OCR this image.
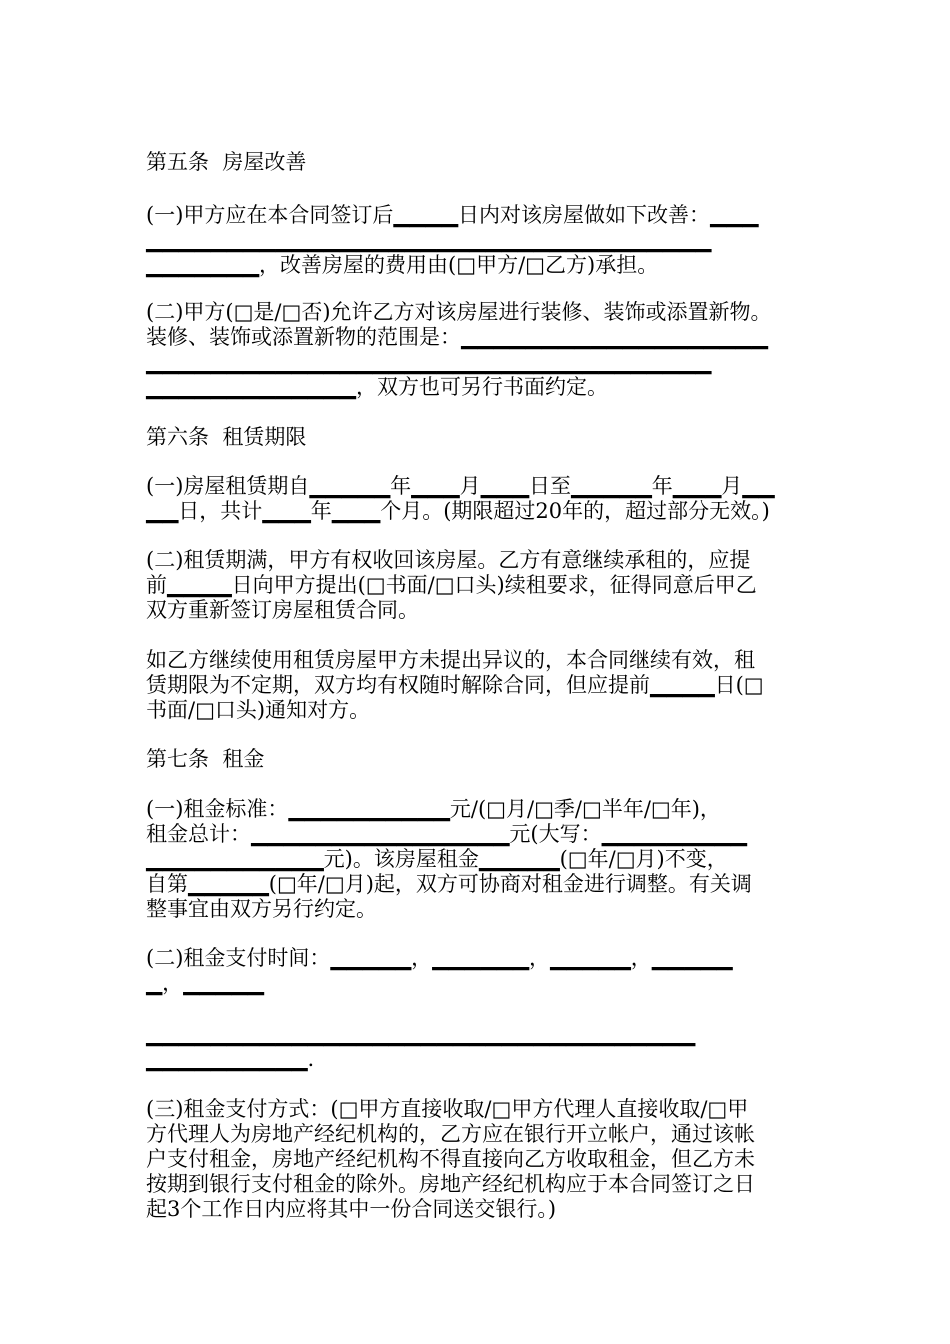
第五条  房屋改善
(一)甲方应在本合同签订后▁▁▁▁日内对该房屋做如下改善：▁▁▁
▁▁▁▁▁▁▁▁▁▁▁▁▁▁▁▁▁▁▁▁▁▁▁▁▁▁▁▁▁▁▁▁▁▁▁
▁▁▁▁▁▁▁，改善房屋的费用由(□甲方/□乙方)承担。
(二)甲方(□是/□否)允许乙方对该房屋进行装修、装饰或添置新物。
装修、装饰或添置新物的范围是：▁▁▁▁▁▁▁▁▁▁▁▁▁▁▁▁▁▁▁
▁▁▁▁▁▁▁▁▁▁▁▁▁▁▁▁▁▁▁▁▁▁▁▁▁▁▁▁▁▁▁▁▁▁▁
▁▁▁▁▁▁▁▁▁▁▁▁▁，双方也可另行书面约定。
第六条  租赁期限
(一)房屋租赁期自▁▁▁▁▁年▁▁▁月▁▁▁日至▁▁▁▁▁年▁▁▁月▁▁
▁▁日，共计▁▁▁年▁▁▁个月。(期限超过20年的，超过部分无效。)
(二)租赁期满，甲方有权收回该房屋。乙方有意继续承租的，应提
前▁▁▁▁日向甲方提出(□书面/□口头)续租要求，征得同意后甲乙
双方重新签订房屋租赁合同。
如乙方继续使用租赁房屋甲方未提出异议的，本合同继续有效，租
赁期限为不定期，双方均有权随时解除合同，但应提前▁▁▁▁日(□
书面/□口头)通知对方。
第七条  租金
(一)租金标准：▁▁▁▁▁▁▁▁▁▁元/(□月/□季/□半年/□年)，
租金总计：▁▁▁▁▁▁▁▁▁▁▁▁▁▁▁▁元(大写：▁▁▁▁▁▁▁▁▁
▁▁▁▁▁▁▁▁▁▁▁元)。该房屋租金▁▁▁▁▁(□年/□月)不变，
自第▁▁▁▁▁(□年/□月)起，双方可协商对租金进行调整。有关调
整事宜由双方另行约定。
(二)租金支付时间：▁▁▁▁▁，▁▁▁▁▁▁，▁▁▁▁▁，▁▁▁▁▁
▁，▁▁▁▁▁
▁▁▁▁▁▁▁▁▁▁▁▁▁▁▁▁▁▁▁▁▁▁▁▁▁▁▁▁▁▁▁▁▁▁
▁▁▁▁▁▁▁▁▁▁.
(三)租金支付方式：(□甲方直接收取/□甲方代理人直接收取/□甲
方代理人为房地产经纪机构的，乙方应在银行开立帐户，通过该帐
户支付租金，房地产经纪机构不得直接向乙方收取租金，但乙方未
按期到银行支付租金的除外。房地产经纪机构应于本合同签订之日
起3个工作日内应将其中一份合同送交银行。)
